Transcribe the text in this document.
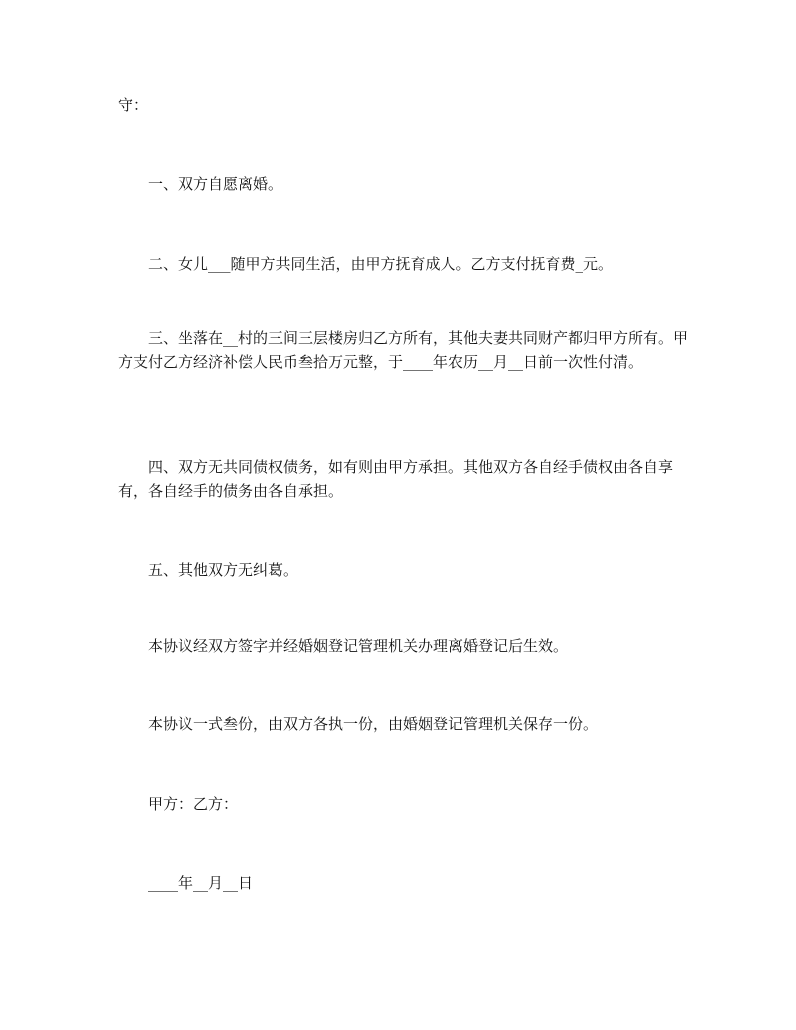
守：

一、双方自愿离婚。

二、女儿___随甲方共同生活，由甲方抚育成人。乙方支付抚育费_元。

三、坐落在__村的三间三层楼房归乙方所有，其他夫妻共同财产都归甲方所有。甲方支付乙方经济补偿人民币叁拾万元整，于____年农历__月__日前一次性付清。

四、双方无共同债权债务，如有则由甲方承担。其他双方各自经手债权由各自享有，各自经手的债务由各自承担。

五、其他双方无纠葛。

本协议经双方签字并经婚姻登记管理机关办理离婚登记后生效。

本协议一式叁份，由双方各执一份，由婚姻登记管理机关保存一份。

甲方：乙方：

____年__月__日
